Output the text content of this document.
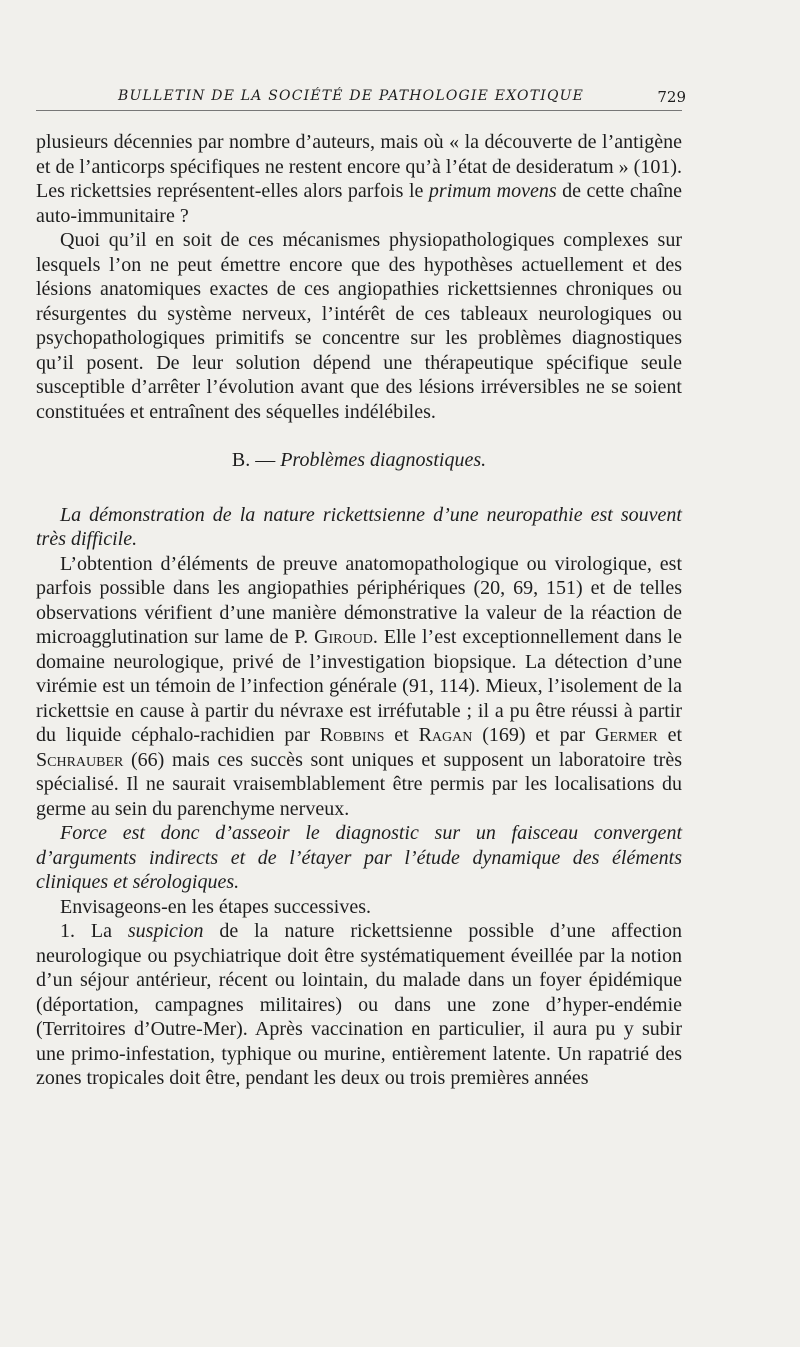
BULLETIN DE LA SOCIÉTÉ DE PATHOLOGIE EXOTIQUE	729

plusieurs décennies par nombre d’auteurs, mais où « la découverte de l’antigène et de l’anticorps spécifiques ne restent encore qu’à l’état de desideratum » (101). Les rickettsies représentent-elles alors parfois le primum movens de cette chaîne auto-immunitaire ?

Quoi qu’il en soit de ces mécanismes physiopathologiques complexes sur lesquels l’on ne peut émettre encore que des hypothèses actuellement et des lésions anatomiques exactes de ces angiopathies rickettsiennes chroniques ou résurgentes du système nerveux, l’intérêt de ces tableaux neurologiques ou psychopathologiques primitifs se concentre sur les problèmes diagnostiques qu’il posent. De leur solution dépend une thérapeutique spécifique seule susceptible d’arrêter l’évolution avant que des lésions irréversibles ne se soient constituées et entraînent des séquelles indélébiles.

B. — Problèmes diagnostiques.

La démonstration de la nature rickettsienne d’une neuropathie est souvent très difficile.

L’obtention d’éléments de preuve anatomopathologique ou virologique, est parfois possible dans les angiopathies périphériques (20, 69, 151) et de telles observations vérifient d’une manière démonstrative la valeur de la réaction de microagglutination sur lame de P. Giroud. Elle l’est exceptionnellement dans le domaine neurologique, privé de l’investigation biopsique. La détection d’une virémie est un témoin de l’infection générale (91, 114). Mieux, l’isolement de la rickettsie en cause à partir du névraxe est irréfutable ; il a pu être réussi à partir du liquide céphalo-rachidien par Robbins et Ragan (169) et par Germer et Schrauber (66) mais ces succès sont uniques et supposent un laboratoire très spécialisé. Il ne saurait vraisemblablement être permis par les localisations du germe au sein du parenchyme nerveux.

Force est donc d’asseoir le diagnostic sur un faisceau convergent d’arguments indirects et de l’étayer par l’étude dynamique des éléments cliniques et sérologiques.

Envisageons-en les étapes successives.

1. La suspicion de la nature rickettsienne possible d’une affection neurologique ou psychiatrique doit être systématiquement éveillée par la notion d’un séjour antérieur, récent ou lointain, du malade dans un foyer épidémique (déportation, campagnes militaires) ou dans une zone d’hyper-endémie (Territoires d’Outre-Mer). Après vaccination en particulier, il aura pu y subir une primo-infestation, typhique ou murine, entièrement latente. Un rapatrié des zones tropicales doit être, pendant les deux ou trois premières années
